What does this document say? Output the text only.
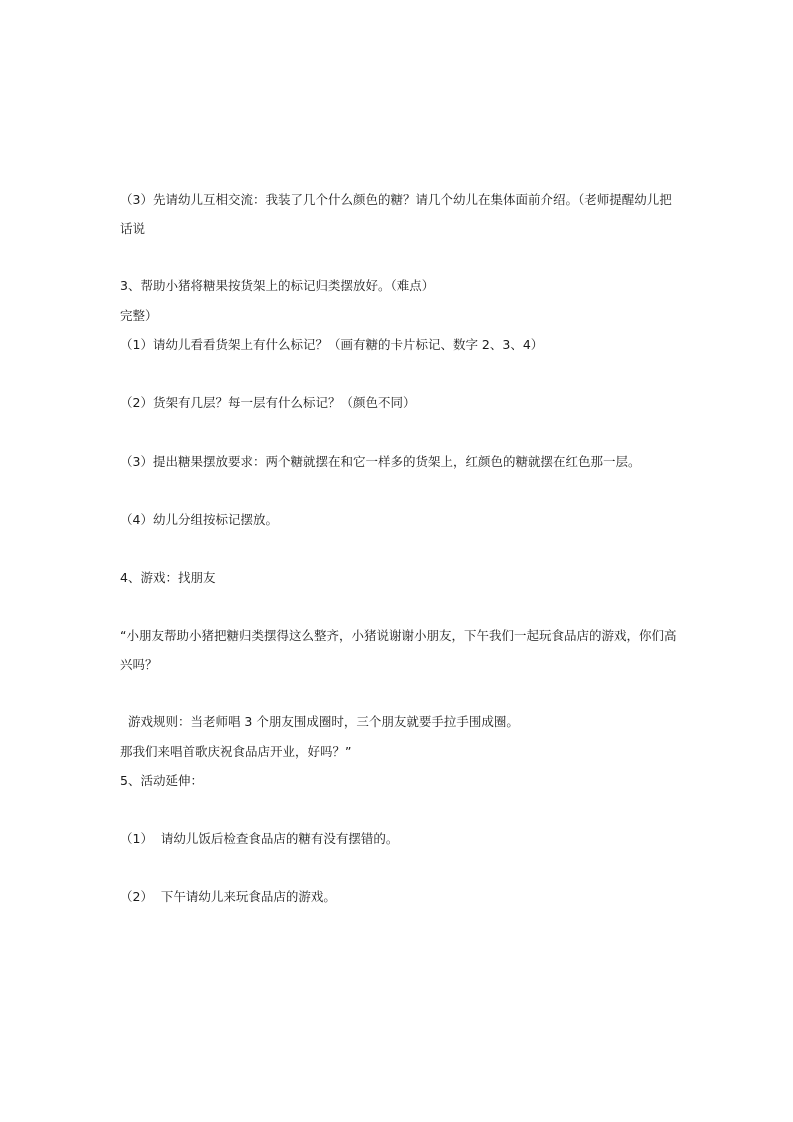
（3）先请幼儿互相交流：我装了几个什么颜色的糖？请几个幼儿在集体面前介绍。（老师提醒幼儿把话说

完整）

3、帮助小猪将糖果按货架上的标记归类摆放好。（难点）

（1）请幼儿看看货架上有什么标记？（画有糖的卡片标记、数字 2、3、4）

（2）货架有几层？每一层有什么标记？（颜色不同）

（3）提出糖果摆放要求：两个糖就摆在和它一样多的货架上，红颜色的糖就摆在红色那一层。

（4）幼儿分组按标记摆放。

4、游戏：找朋友

“小朋友帮助小猪把糖归类摆得这么整齐，小猪说谢谢小朋友，下午我们一起玩食品店的游戏，你们高兴吗？

那我们来唱首歌庆祝食品店开业，好吗？”

游戏规则：当老师唱 3 个朋友围成圈时，三个朋友就要手拉手围成圈。

5、活动延伸：

（1）  请幼儿饭后检查食品店的糖有没有摆错的。

（2）  下午请幼儿来玩食品店的游戏。
